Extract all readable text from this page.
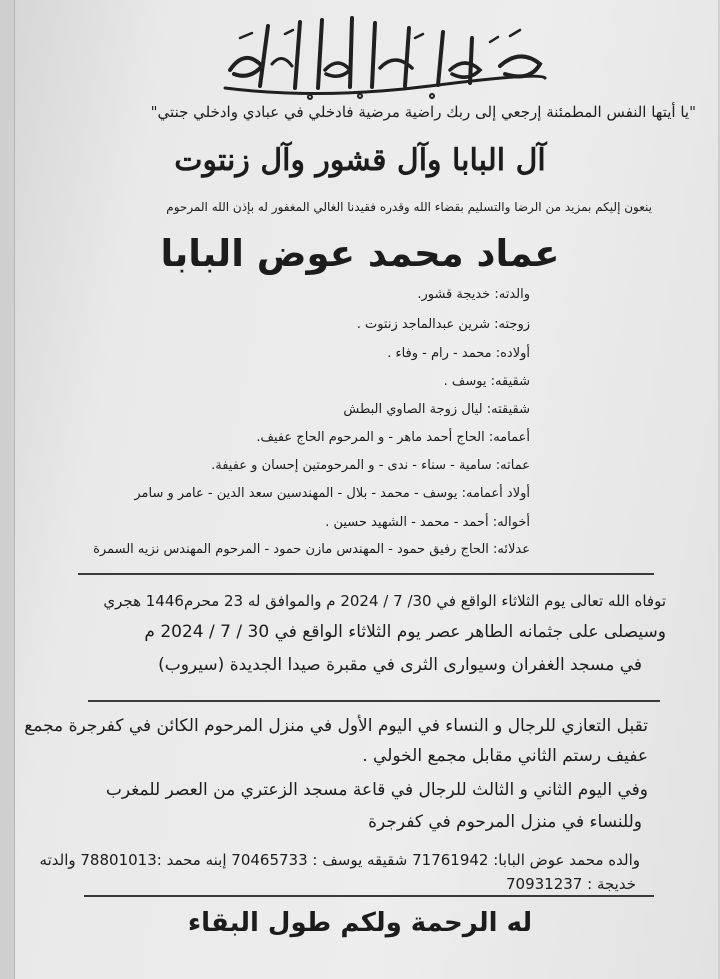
"يا أيتها النفس المطمئنة إرجعي إلى ربك راضية مرضية فادخلي في عبادي وادخلي جنتي"
آل البابا وآل قشور وآل زنتوت
ينعون إليكم بمزيد من الرضا والتسليم بقضاء الله وقدره فقيدنا الغالي المغفور له بإذن الله المرحوم
عماد محمد عوض البابا
والدته: خديجة قشور.
زوجته: شرين عبدالماجد زنتوت .
أولاده: محمد - رام - وفاء .
شقيقه: يوسف .
شقيقته: ليال زوجة الصاوي البطش
أعمامه: الحاج أحمد ماهر - و المرحوم الحاج عفيف.
عماته: سامية - سناء - ندى - و المرحومتين إحسان و عفيفة.
أولاد أعمامه: يوسف - محمد - بلال - المهندسين سعد الدين - عامر و سامر
أخواله: أحمد - محمد - الشهيد حسين .
عدلائه: الحاج رفيق حمود - المهندس مازن حمود - المرحوم المهندس نزيه السمرة
توفاه الله تعالى يوم الثلاثاء الواقع في 30/ 7 / 2024 م والموافق له 23 محرم1446 هجري
وسيصلى على جثمانه الطاهر عصر يوم الثلاثاء الواقع في 30 / 7 / 2024 م
في مسجد الغفران وسيوارى الثرى في مقبرة صيدا الجديدة (سيروب)
تقبل التعازي للرجال و النساء في اليوم الأول في منزل المرحوم الكائن في كفرجرة مجمع
عفيف رستم الثاني مقابل مجمع الخولي .
وفي اليوم الثاني و الثالث للرجال في قاعة مسجد الزعتري من العصر للمغرب
وللنساء في منزل المرحوم في كفرجرة
والده محمد عوض البابا: 71761942 شقيقه يوسف : 70465733 إبنه محمد :78801013 والدته
خديجة : 70931237
له الرحمة ولكم طول البقاء
